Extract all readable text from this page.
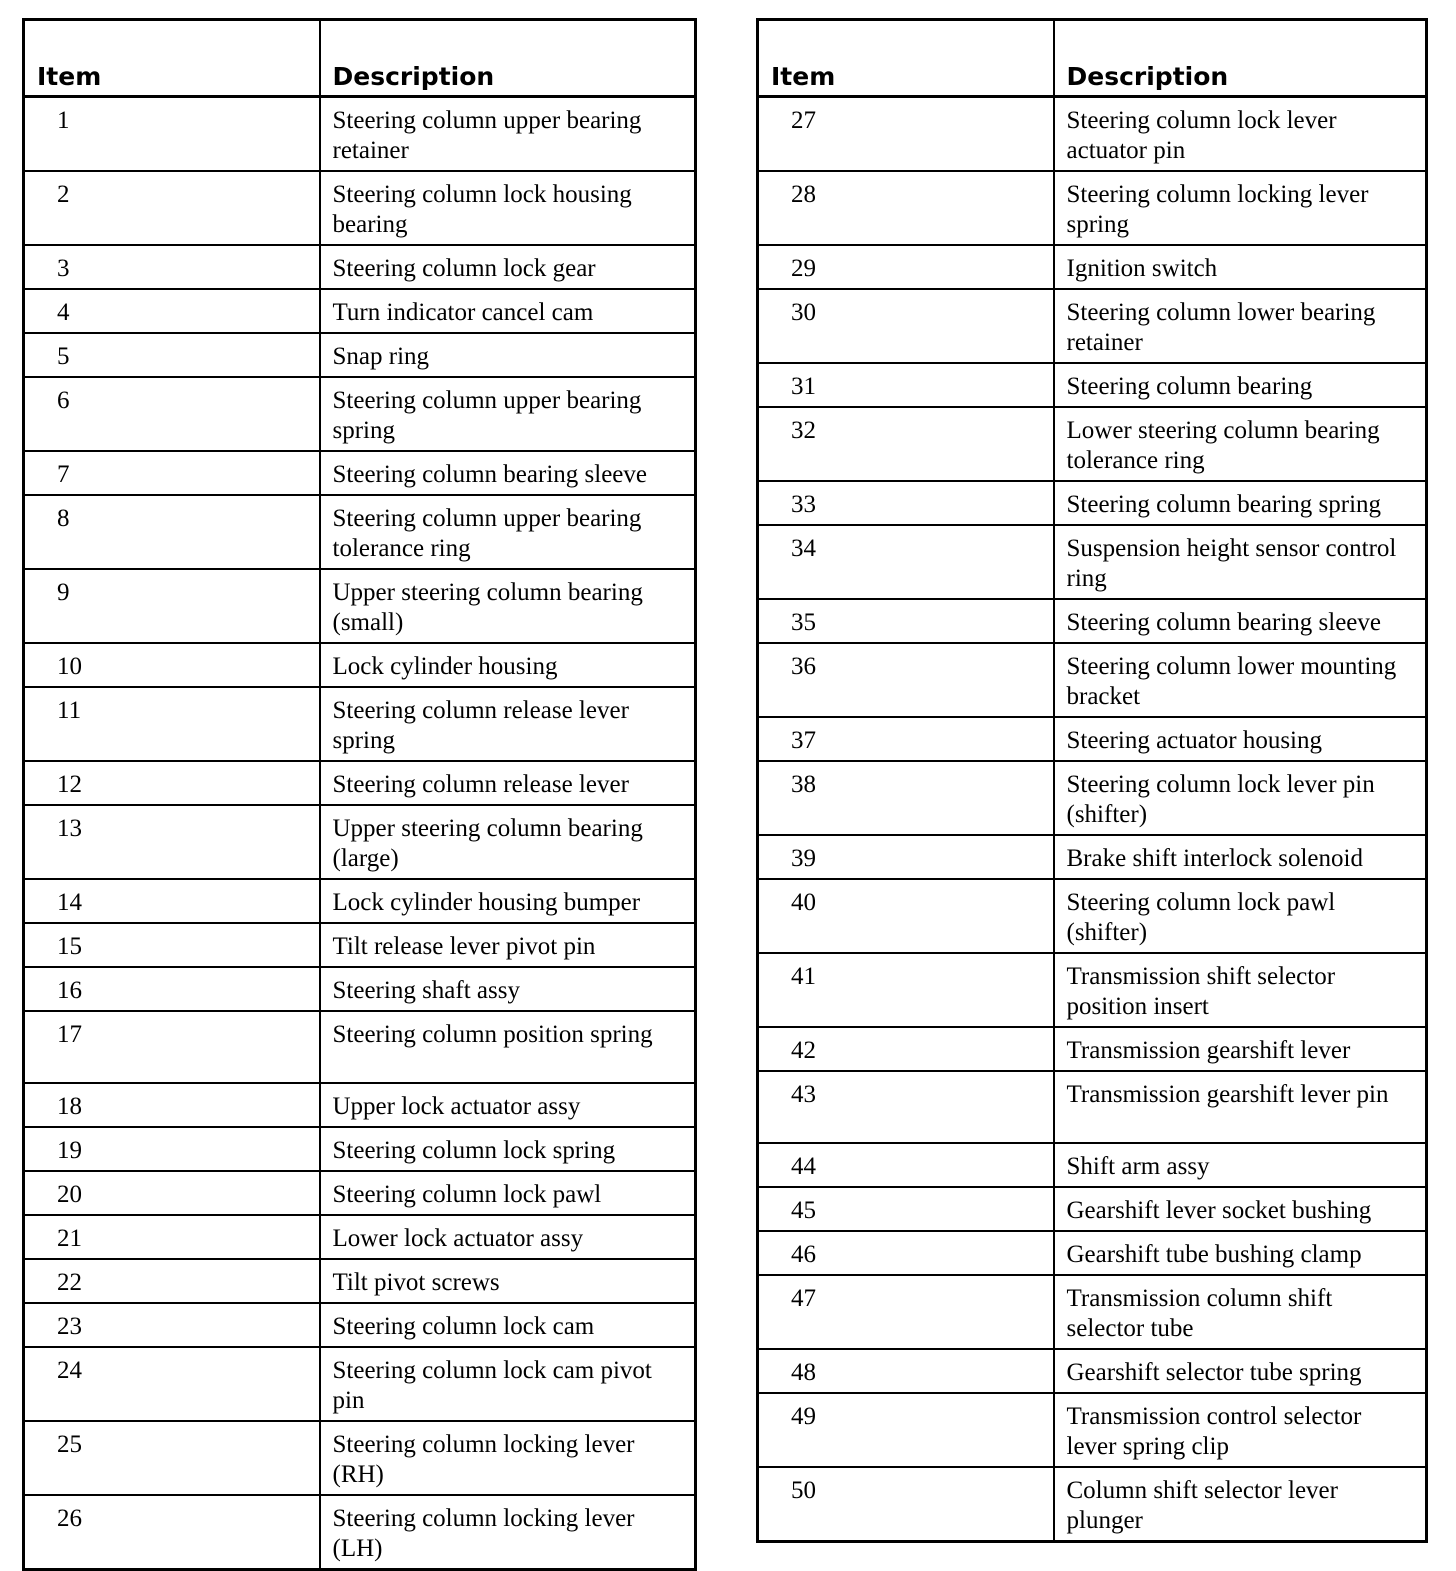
Item	Description
1	Steering column upper bearing retainer
2	Steering column lock housing bearing
3	Steering column lock gear
4	Turn indicator cancel cam
5	Snap ring
6	Steering column upper bearing spring
7	Steering column bearing sleeve
8	Steering column upper bearing tolerance ring
9	Upper steering column bearing (small)
10	Lock cylinder housing
11	Steering column release lever spring
12	Steering column release lever
13	Upper steering column bearing (large)
14	Lock cylinder housing bumper
15	Tilt release lever pivot pin
16	Steering shaft assy
17	Steering column position spring
18	Upper lock actuator assy
19	Steering column lock spring
20	Steering column lock pawl
21	Lower lock actuator assy
22	Tilt pivot screws
23	Steering column lock cam
24	Steering column lock cam pivot pin
25	Steering column locking lever (RH)
26	Steering column locking lever (LH)
Item	Description
27	Steering column lock lever actuator pin
28	Steering column locking lever spring
29	Ignition switch
30	Steering column lower bearing retainer
31	Steering column bearing
32	Lower steering column bearing tolerance ring
33	Steering column bearing spring
34	Suspension height sensor control ring
35	Steering column bearing sleeve
36	Steering column lower mounting bracket
37	Steering actuator housing
38	Steering column lock lever pin (shifter)
39	Brake shift interlock solenoid
40	Steering column lock pawl (shifter)
41	Transmission shift selector position insert
42	Transmission gearshift lever
43	Transmission gearshift lever pin
44	Shift arm assy
45	Gearshift lever socket bushing
46	Gearshift tube bushing clamp
47	Transmission column shift selector tube
48	Gearshift selector tube spring
49	Transmission control selector lever spring clip
50	Column shift selector lever plunger
